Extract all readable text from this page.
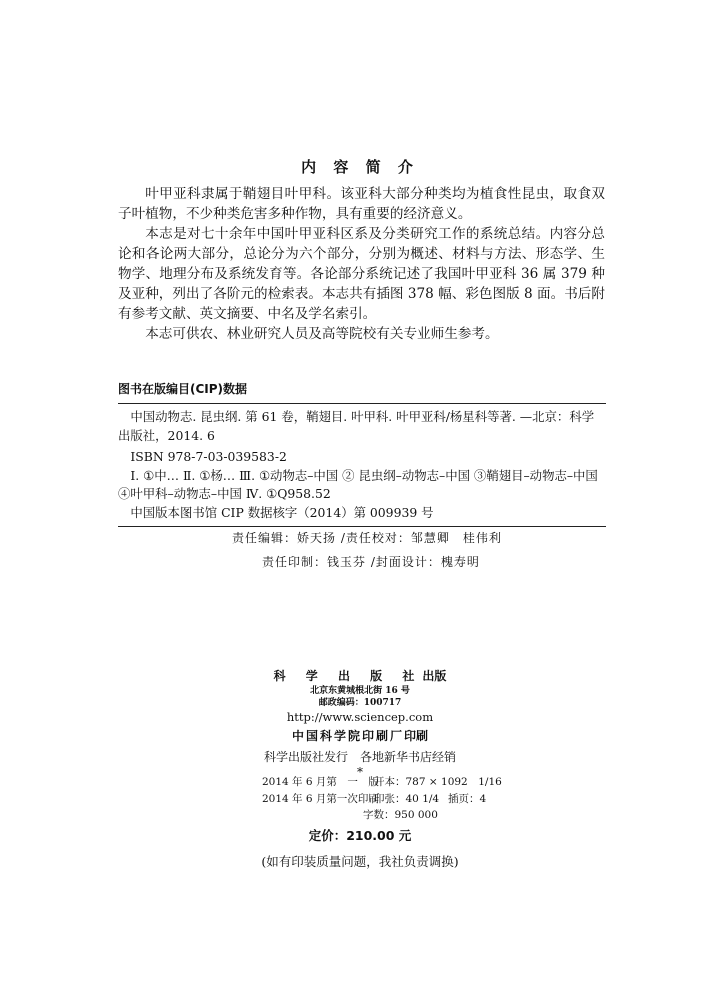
内 容 简 介

叶甲亚科隶属于鞘翅目叶甲科。该亚科大部分种类均为植食性昆虫，取食双子叶植物，不少种类危害多种作物，具有重要的经济意义。

本志是对七十余年中国叶甲亚科区系及分类研究工作的系统总结。内容分总论和各论两大部分，总论分为六个部分，分别为概述、材料与方法、形态学、生物学、地理分布及系统发育等。各论部分系统记述了我国叶甲亚科 36 属 379 种及亚种，列出了各阶元的检索表。本志共有插图 378 幅、彩色图版 8 面。书后附有参考文献、英文摘要、中名及学名索引。

本志可供农、林业研究人员及高等院校有关专业师生参考。

图书在版编目(CIP)数据

中国动物志. 昆虫纲. 第 61 卷，鞘翅目. 叶甲科. 叶甲亚科/杨星科等著. —北京：科学出版社，2014. 6

ISBN 978-7-03-039583-2

Ⅰ. ①中… Ⅱ. ①杨… Ⅲ. ①动物志–中国 ② 昆虫纲–动物志–中国 ③鞘翅目–动物志–中国 ④叶甲科–动物志–中国 Ⅳ. ①Q958.52

中国版本图书馆 CIP 数据核字（2014）第 009939 号

责任编辑：娇天扬 /责任校对：邹慧卿　桂伟利
责任印制：钱玉芬 /封面设计：槐寿明
科 学 出 版 社出版
北京东黄城根北街 16 号
邮政编码：100717
http://www.sciencep.com
中国科学院印刷厂印刷
科学出版社发行　各地新华书店经销
*
2014 年 6 月第　一　版开本：787 × 1092　1/16
2014 年 6 月第一次印刷印张：40 1/4 插页：4
字数：950 000
定价：210.00 元
(如有印装质量问题，我社负责调换)
